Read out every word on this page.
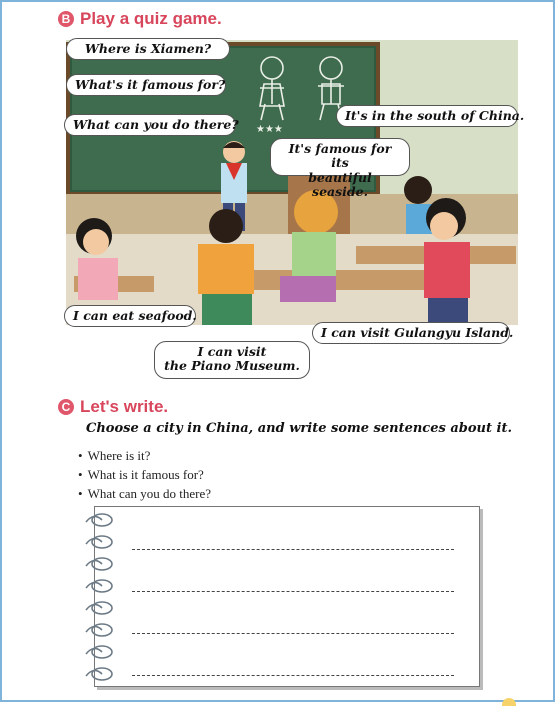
B Play a quiz game.
★★★
Where is Xiamen?
What's it famous for?
What can you do there?
It's in the south of China.
It's famous for its
beautiful seaside.
I can eat seafood.
I can visit Gulangyu Island.
I can visit
the Piano Museum.
C Let's write.
Choose a city in China, and write some sentences about it.
• Where is it?
• What is it famous for?
• What can you do there?
